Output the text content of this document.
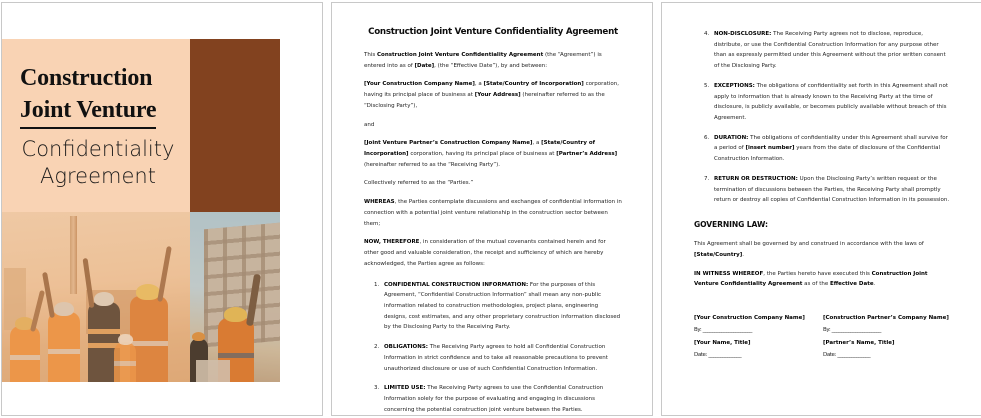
Construction
Joint Venture
Confidentiality
Agreement
Construction Joint Venture Confidentiality Agreement

This Construction Joint Venture Confidentiality Agreement (the “Agreement”) is entered into as of [Date], (the “Effective Date”), by and between:

[Your Construction Company Name], a [State/Country of Incorporation] corporation, having its principal place of business at [Your Address] (hereinafter referred to as the “Disclosing Party”),

and

[Joint Venture Partner’s Construction Company Name], a [State/Country of Incorporation] corporation, having its principal place of business at [Partner’s Address] (hereinafter referred to as the “Receiving Party”).

Collectively referred to as the “Parties.”

WHEREAS, the Parties contemplate discussions and exchanges of confidential information in connection with a potential joint venture relationship in the construction sector between them;

NOW, THEREFORE, in consideration of the mutual covenants contained herein and for other good and valuable consideration, the receipt and sufficiency of which are hereby acknowledged, the Parties agree as follows:

1. CONFIDENTIAL CONSTRUCTION INFORMATION: For the purposes of this Agreement, “Confidential Construction Information” shall mean any non-public information related to construction methodologies, project plans, engineering designs, cost estimates, and any other proprietary construction information disclosed by the Disclosing Party to the Receiving Party.
2. OBLIGATIONS: The Receiving Party agrees to hold all Confidential Construction Information in strict confidence and to take all reasonable precautions to prevent unauthorized disclosure or use of such Confidential Construction Information.
3. LIMITED USE: The Receiving Party agrees to use the Confidential Construction Information solely for the purpose of evaluating and engaging in discussions concerning the potential construction joint venture between the Parties.
4. NON-DISCLOSURE: The Receiving Party agrees not to disclose, reproduce, distribute, or use the Confidential Construction Information for any purpose other than as expressly permitted under this Agreement without the prior written consent of the Disclosing Party.
5. EXCEPTIONS: The obligations of confidentiality set forth in this Agreement shall not apply to information that is already known to the Receiving Party at the time of disclosure, is publicly available, or becomes publicly available without breach of this Agreement.
6. DURATION: The obligations of confidentiality under this Agreement shall survive for a period of [insert number] years from the date of disclosure of the Confidential Construction Information.
7. RETURN OR DESTRUCTION: Upon the Disclosing Party’s written request or the termination of discussions between the Parties, the Receiving Party shall promptly return or destroy all copies of Confidential Construction Information in its possession.
GOVERNING LAW:

This Agreement shall be governed by and construed in accordance with the laws of [State/Country].

IN WITNESS WHEREOF, the Parties hereto have executed this Construction Joint Venture Confidentiality Agreement as of the Effective Date.

[Your Construction Company Name]
By: _____________________
[Your Name, Title]
Date: ______________
[Construction Partner’s Company Name]
By: _____________________
[Partner’s Name, Title]
Date: ______________
